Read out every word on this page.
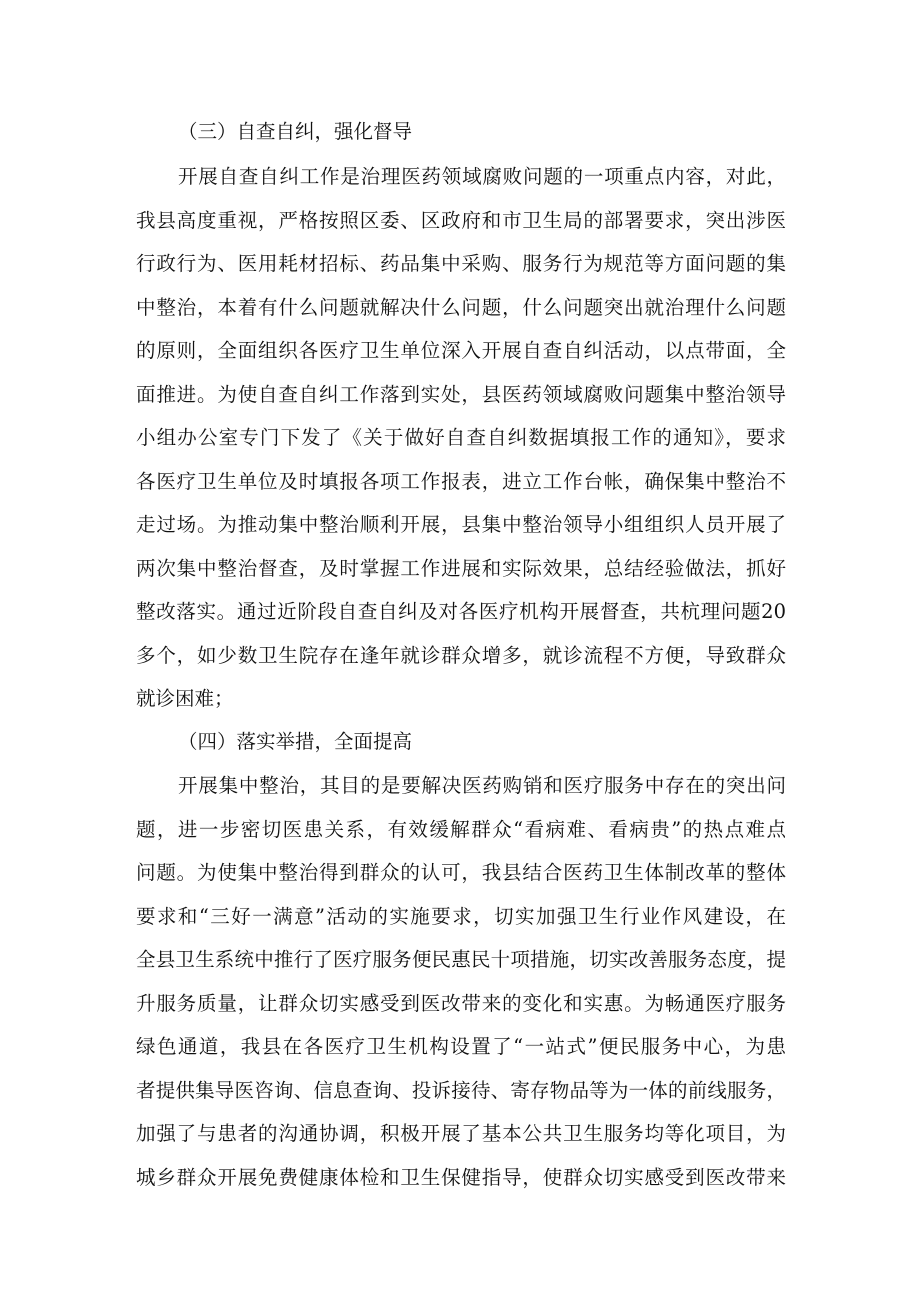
（三）自查自纠，强化督导
开展自查自纠工作是治理医药领域腐败问题的一项重点内容，对此，
我县高度重视，严格按照区委、区政府和市卫生局的部署要求，突出涉医
行政行为、医用耗材招标、药品集中采购、服务行为规范等方面问题的集
中整治，本着有什么问题就解决什么问题，什么问题突出就治理什么问题
的原则，全面组织各医疗卫生单位深入开展自查自纠活动，以点带面，全
面推进。为使自查自纠工作落到实处，县医药领域腐败问题集中整治领导
小组办公室专门下发了《关于做好自查自纠数据填报工作的通知》，要求
各医疗卫生单位及时填报各项工作报表，进立工作台帐，确保集中整治不
走过场。为推动集中整治顺利开展，县集中整治领导小组组织人员开展了
两次集中整治督查，及时掌握工作进展和实际效果，总结经验做法，抓好
整改落实。通过近阶段自查自纠及对各医疗机构开展督查，共杭理问题20
多个，如少数卫生院存在逢年就诊群众增多，就诊流程不方便，导致群众
就诊困难；
（四）落实举措，全面提高
开展集中整治，其目的是要解决医药购销和医疗服务中存在的突出问
题，进一步密切医患关系，有效缓解群众“看病难、看病贵”的热点难点
问题。为使集中整治得到群众的认可，我县结合医药卫生体制改革的整体
要求和“三好一满意”活动的实施要求，切实加强卫生行业作风建设，在
全县卫生系统中推行了医疗服务便民惠民十项措施，切实改善服务态度，提
升服务质量，让群众切实感受到医改带来的变化和实惠。为畅通医疗服务
绿色通道，我县在各医疗卫生机构设置了“一站式”便民服务中心，为患
者提供集导医咨询、信息查询、投诉接待、寄存物品等为一体的前线服务，
加强了与患者的沟通协调，积极开展了基本公共卫生服务均等化项目，为
城乡群众开展免费健康体检和卫生保健指导，使群众切实感受到医改带来
